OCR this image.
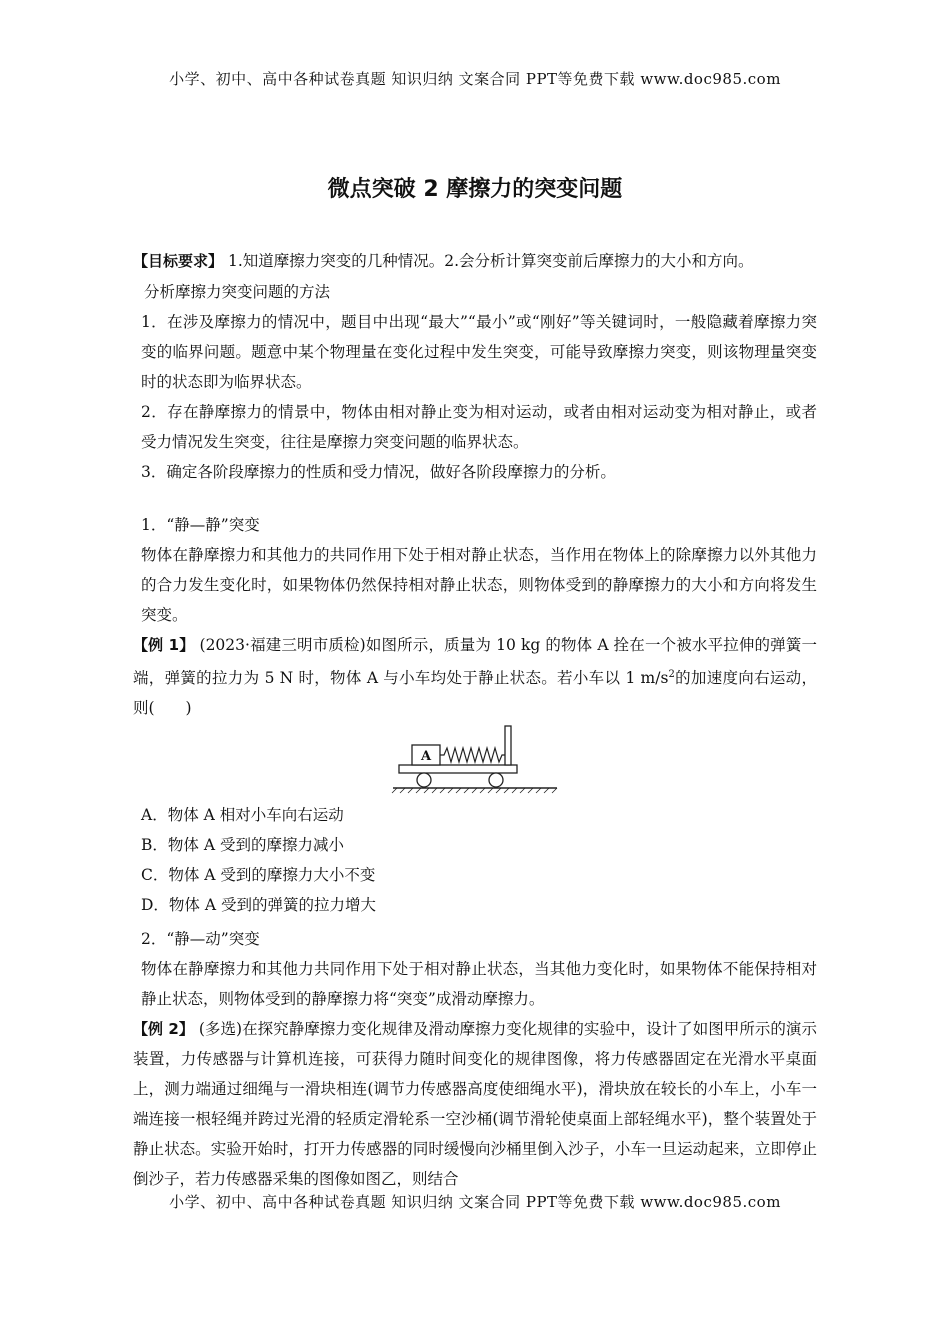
小学、初中、高中各种试卷真题 知识归纳 文案合同 PPT等免费下载 www.doc985.com
微点突破 2 摩擦力的突变问题

【目标要求】 1.知道摩擦力突变的几种情况。2.会分析计算突变前后摩擦力的大小和方向。

分析摩擦力突变问题的方法

1．在涉及摩擦力的情况中，题目中出现“最大”“最小”或“刚好”等关键词时，一般隐藏着摩擦力突变的临界问题。题意中某个物理量在变化过程中发生突变，可能导致摩擦力突变，则该物理量突变时的状态即为临界状态。

2．存在静摩擦力的情景中，物体由相对静止变为相对运动，或者由相对运动变为相对静止，或者受力情况发生突变，往往是摩擦力突变问题的临界状态。

3．确定各阶段摩擦力的性质和受力情况，做好各阶段摩擦力的分析。

1．“静—静”突变

物体在静摩擦力和其他力的共同作用下处于相对静止状态，当作用在物体上的除摩擦力以外其他力的合力发生变化时，如果物体仍然保持相对静止状态，则物体受到的静摩擦力的大小和方向将发生突变。

【例 1】 (2023·福建三明市质检)如图所示，质量为 10 kg 的物体 A 拴在一个被水平拉伸的弹簧一端，弹簧的拉力为 5 N 时，物体 A 与小车均处于静止状态。若小车以 1 $m/s^2$的加速度向右运动，则(　　)

A

A．物体 A 相对小车向右运动

B．物体 A 受到的摩擦力减小

C．物体 A 受到的摩擦力大小不变

D．物体 A 受到的弹簧的拉力增大

2．“静—动”突变

物体在静摩擦力和其他力共同作用下处于相对静止状态，当其他力变化时，如果物体不能保持相对静止状态，则物体受到的静摩擦力将“突变”成滑动摩擦力。

【例 2】 (多选)在探究静摩擦力变化规律及滑动摩擦力变化规律的实验中，设计了如图甲所示的演示装置，力传感器与计算机连接，可获得力随时间变化的规律图像，将力传感器固定在光滑水平桌面上，测力端通过细绳与一滑块相连(调节力传感器高度使细绳水平)，滑块放在较长的小车上，小车一端连接一根轻绳并跨过光滑的轻质定滑轮系一空沙桶(调节滑轮使桌面上部轻绳水平)，整个装置处于静止状态。实验开始时，打开力传感器的同时缓慢向沙桶里倒入沙子，小车一旦运动起来，立即停止倒沙子，若力传感器采集的图像如图乙，则结合

小学、初中、高中各种试卷真题 知识归纳 文案合同 PPT等免费下载 www.doc985.com
